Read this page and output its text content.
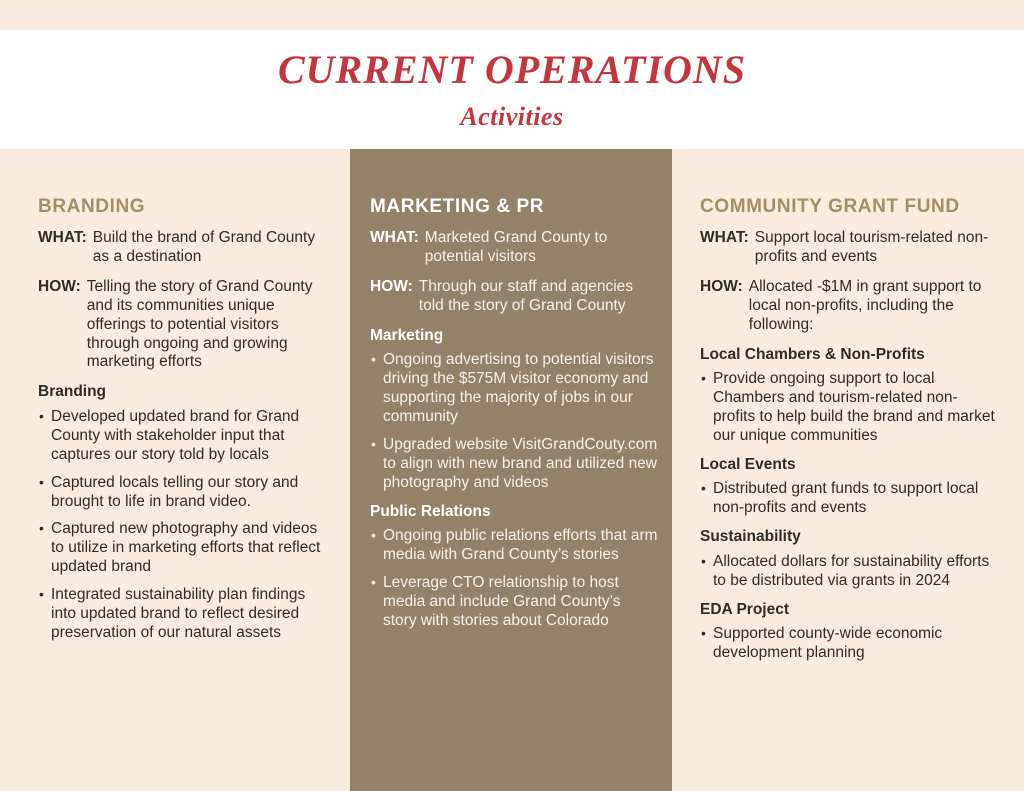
CURRENT OPERATIONS
Activities
BRANDING
WHAT: Build the brand of Grand County as a destination
HOW: Telling the story of Grand County and its communities unique offerings to potential visitors through ongoing and growing marketing efforts
Branding
• Developed updated brand for Grand County with stakeholder input that captures our story told by locals
• Captured locals telling our story and brought to life in brand video.
• Captured new photography and videos to utilize in marketing efforts that reflect updated brand
• Integrated sustainability plan findings into updated brand to reflect desired preservation of our natural assets
MARKETING & PR
WHAT: Marketed Grand County to potential visitors
HOW: Through our staff and agencies told the story of Grand County
Marketing
• Ongoing advertising to potential visitors driving the $575M visitor economy and supporting the majority of jobs in our community
• Upgraded website VisitGrandCouty.com to align with new brand and utilized new photography and videos
Public Relations
• Ongoing public relations efforts that arm media with Grand County’s stories
• Leverage CTO relationship to host media and include Grand County’s story with stories about Colorado
COMMUNITY GRANT FUND
WHAT: Support local tourism-related non-profits and events
HOW: Allocated -$1M in grant support to local non-profits, including the following:
Local Chambers & Non-Profits
• Provide ongoing support to local Chambers and tourism-related non-profits to help build the brand and market our unique communities
Local Events
• Distributed grant funds to support local non-profits and events
Sustainability
• Allocated dollars for sustainability efforts to be distributed via grants in 2024
EDA Project
• Supported county-wide economic development planning
